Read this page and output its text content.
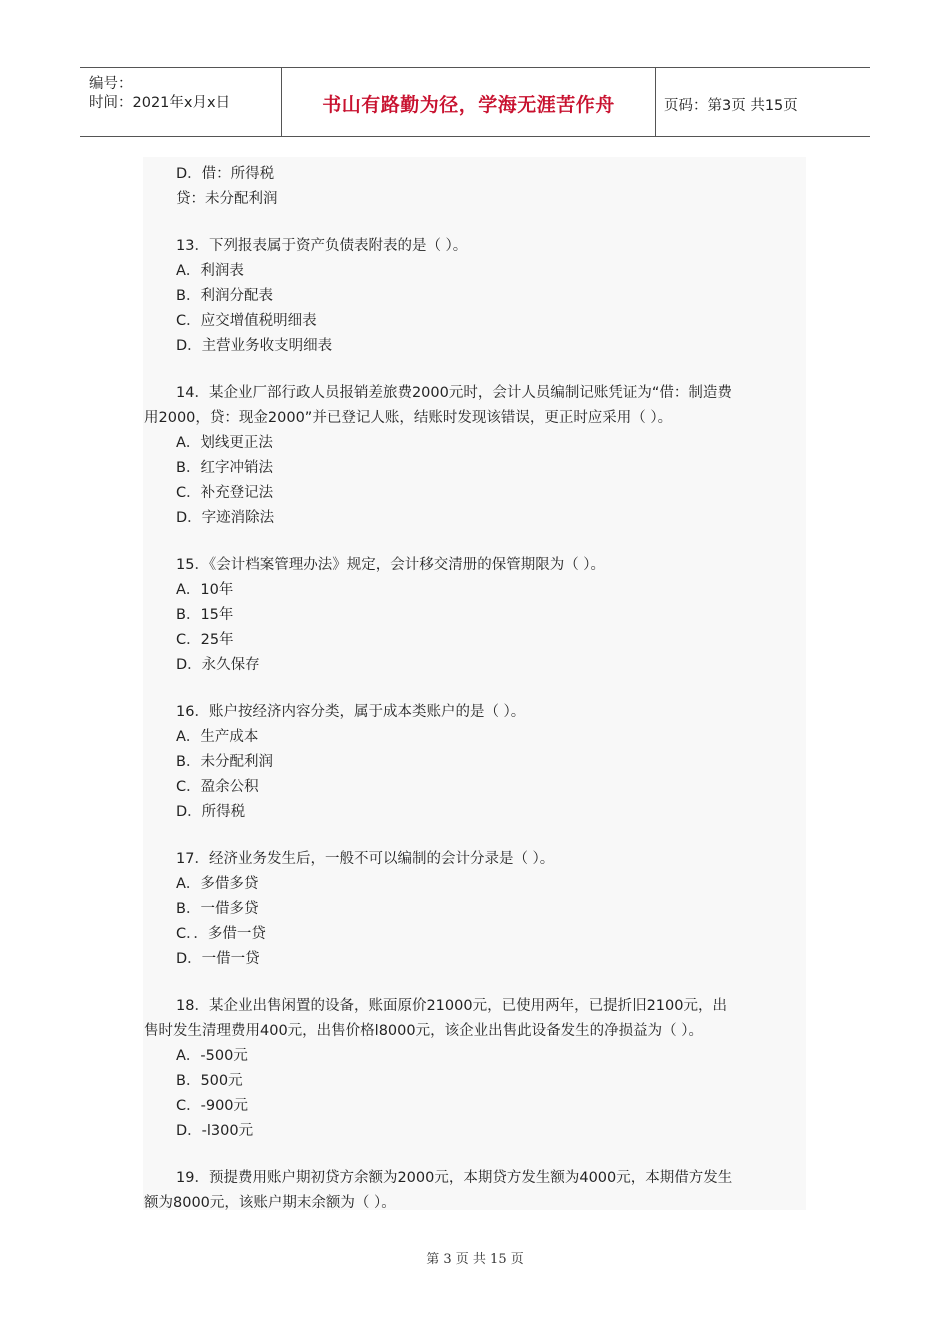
编号：
时间：2021年x月x日	书山有路勤为径，学海无涯苦作舟	页码：第3页 共15页
D．借：所得税
贷：未分配利润
13．下列报表属于资产负债表附表的是（ ）。
A．利润表
B．利润分配表
C．应交增值税明细表
D．主营业务收支明细表
14．某企业厂部行政人员报销差旅费2000元时，会计人员编制记账凭证为“借：制造费
用2000，贷：现金2000”并已登记人账，结账时发现该错误，更正时应采用（ ）。
A．划线更正法
B．红字冲销法
C．补充登记法
D．字迹消除法
15．《会计档案管理办法》规定，会计移交清册的保管期限为（ ）。
A．10年
B．15年
C．25年
D．永久保存
16．账户按经济内容分类，属于成本类账户的是（ ）。
A．生产成本
B．未分配利润
C．盈余公积
D．所得税
17．经济业务发生后，一般不可以编制的会计分录是（ ）。
A．多借多贷
B．一借多贷
C．．多借一贷
D．一借一贷
18．某企业出售闲置的设备，账面原价21000元，已使用两年，已提折旧2100元，出
售时发生清理费用400元，出售价格l8000元，该企业出售此设备发生的净损益为（ ）。
A．-500元
B．500元
C．-900元
D．-l300元
19．预提费用账户期初贷方余额为2000元，本期贷方发生额为4000元，本期借方发生
额为8000元，该账户期末余额为（ ）。
第 3 页 共 15 页
